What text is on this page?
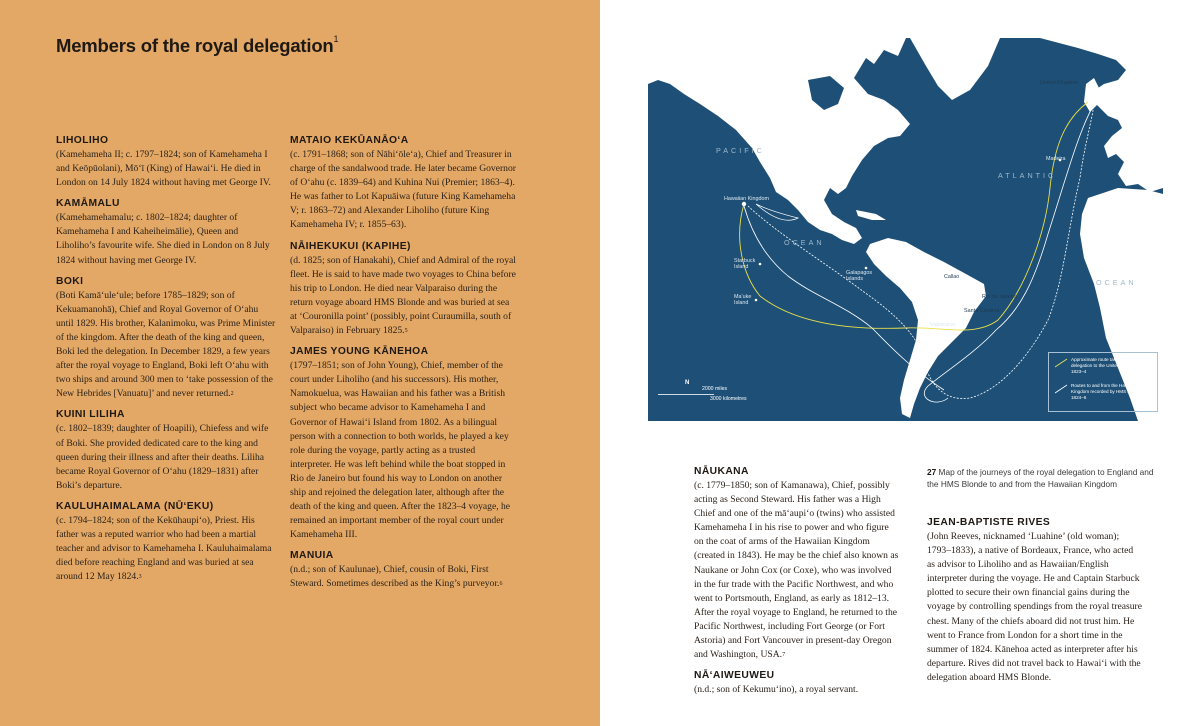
Members of the royal delegation$^1$
LIHOLIHO
(Kamehameha II; c. 1797–1824; son of Kamehameha I and Keōpūolani), Mōʻī (King) of Hawaiʻi. He died in London on 14 July 1824 without having met George IV.
KAMĀMALU
(Kamehamehamalu; c. 1802–1824; daughter of Kamehameha I and Kaheiheimālie), Queen and Liholiho’s favourite wife. She died in London on 8 July 1824 without having met George IV.
BOKI
(Boti Kamāʻuleʻule; before 1785–1829; son of Kekuamanohā), Chief and Royal Governor of Oʻahu until 1829. His brother, Kalanimoku, was Prime Minister of the kingdom. After the death of the king and queen, Boki led the delegation. In December 1829, a few years after the royal voyage to England, Boki left Oʻahu with two ships and around 300 men to ‘take possession of the New Hebrides [Vanuatu]’ and never returned.$^2$
KUINI LILIHA
(c. 1802–1839; daughter of Hoapili), Chiefess and wife of Boki. She provided dedicated care to the king and queen during their illness and after their deaths. Liliha became Royal Governor of Oʻahu (1829–1831) after Boki’s departure.
KAULUHAIMALAMA (NŪʻEKU)
(c. 1794–1824; son of the Kekūhaupiʻo), Priest. His father was a reputed warrior who had been a martial teacher and advisor to Kamehameha I. Kauluhaimalama died before reaching England and was buried at sea around 12 May 1824.$^3$
MATAIO KEKŪANĀOʻA
(c. 1791–1868; son of Nāhiʻōleʻa), Chief and Treasurer in charge of the sandalwood trade. He later became Governor of Oʻahu (c. 1839–64) and Kuhina Nui (Premier; 1863–4). He was father to Lot Kapuāiwa (future King Kamehameha V; r. 1863–72) and Alexander Liholiho (future King Kamehameha IV; r. 1855–63).
NĀIHEKUKUI (KAPIHE)
(d. 1825; son of Hanakahi), Chief and Admiral of the royal fleet. He is said to have made two voyages to China before his trip to London. He died near Valparaiso during the return voyage aboard HMS Blonde and was buried at sea at ‘Couronilla point’ (possibly, point Curaumilla, south of Valparaiso) in February 1825.$^5$
JAMES YOUNG KĀNEHOA
(1797–1851; son of John Young), Chief, member of the court under Liholiho (and his successors). His mother, Namokuelua, was Hawaiian and his father was a British subject who became advisor to Kamehameha I and Governor of Hawaiʻi Island from 1802. As a bilingual person with a connection to both worlds, he played a key role during the voyage, partly acting as a trusted interpreter. He was left behind while the boat stopped in Rio de Janeiro but found his way to London on another ship and rejoined the delegation later, although after the death of the king and queen. After the 1823–4 voyage, he remained an important member of the royal court under Kamehameha III.
MANUIA
(n.d.; son of Kaulunae), Chief, cousin of Boki, First Steward. Sometimes described as the King’s purveyor.$^6$
NĀUKANA
(c. 1779–1850; son of Kamanawa), Chief, possibly acting as Second Steward. His father was a High Chief and one of the māʻaupiʻo (twins) who assisted Kamehameha I in his rise to power and who figure on the coat of arms of the Hawaiian Kingdom (created in 1843). He may be the chief also known as Naukane or John Cox (or Coxe), who was involved in the fur trade with the Pacific Northwest, and who went to Portsmouth, England, as early as 1812–13. After the royal voyage to England, he returned to the Pacific Northwest, including Fort George (or Fort Astoria) and Fort Vancouver in present-day Oregon and Washington, USA.$^7$
NĀʻAIWEUWEU
(n.d.; son of Kekumuʻino), a royal servant.
JEAN-BAPTISTE RIVES
(John Reeves, nicknamed ‘Luahine’ (old woman); 1793–1833), a native of Bordeaux, France, who acted as advisor to Liholiho and as Hawaiian/English interpreter during the voyage. He and Captain Starbuck plotted to secure their own financial gains during the voyage by controlling spendings from the royal treasure chest. Many of the chiefs aboard did not trust him. He went to France from London for a short time in the summer of 1824. Kānehoa acted as interpreter after his departure. Rives did not travel back to Hawaiʻi with the delegation aboard HMS Blonde.
PACIFIC
OCEAN
ATLANTIC
OCEAN
United Kingdom
Madeira
Hawaiian Kingdom
Galapagos Islands
Starbuck Island
Callao
Maʻuke Island
Rio de Janeiro
Santa Catalina
Valparaiso
Approximate route taken by the royal delegation to the United Kingdom in 1823–4
Routes to and from the Hawaiian Kingdom recorded by HMS Blonde in 1824–6
N
2000 miles
3000 kilometres
27 Map of the journeys of the royal delegation to England and the HMS Blonde to and from the Hawaiian Kingdom
